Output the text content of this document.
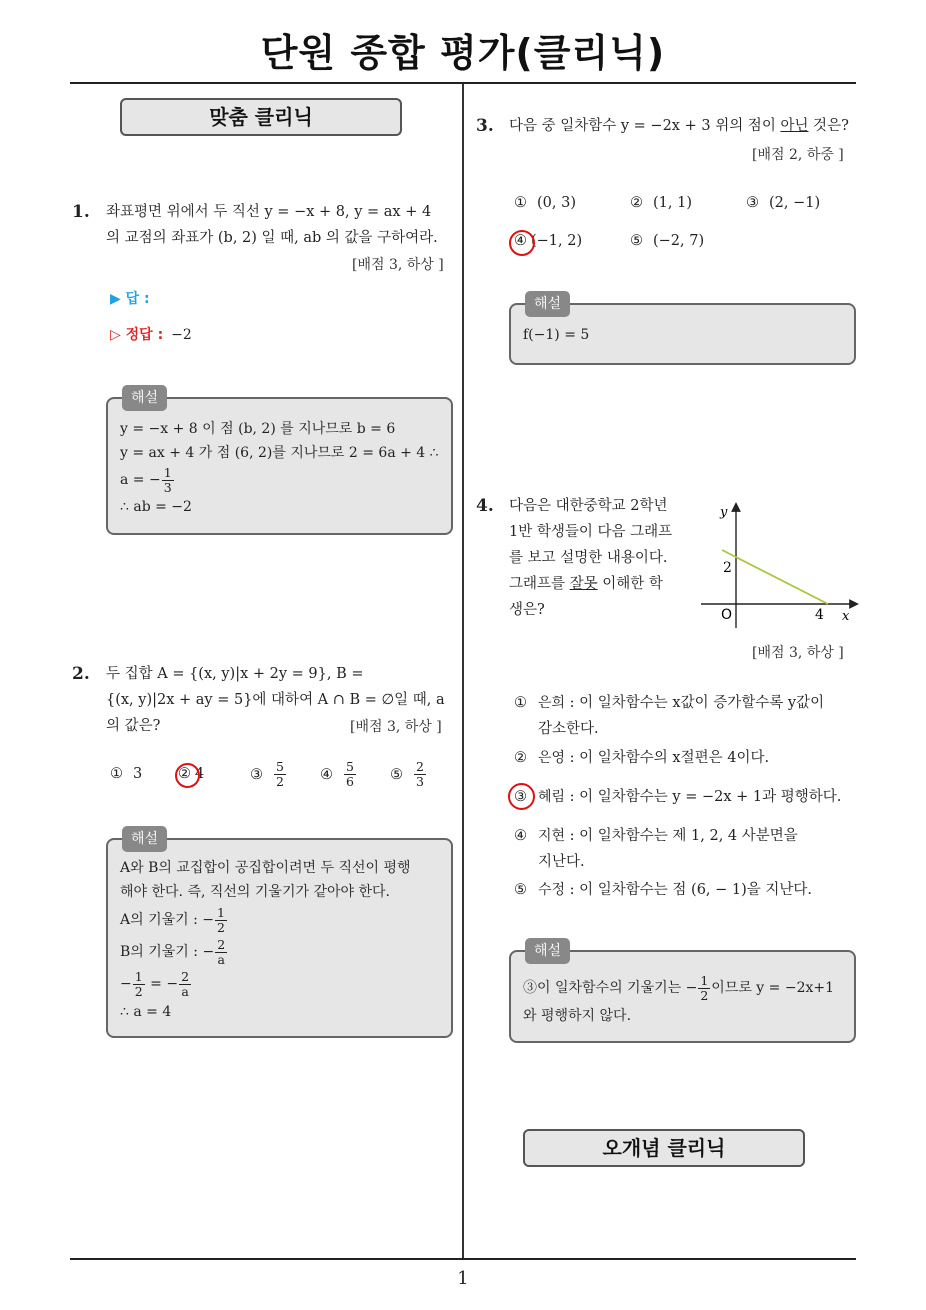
단원 종합 평가(클리닉)
맞춤 클리닉
1. 좌표평면 위에서 두 직선 y = −x + 8, y = ax + 4
의 교점의 좌표가 (b, 2) 일 때, ab 의 값을 구하여라.
[배점 3, 하상 ]
▶ 답 :
▷ 정답 : −2
해설
y = −x + 8 이 점 (b, 2) 를 지나므로 b = 6
y = ax + 4 가 점 (6, 2)를 지나므로 2 = 6a + 4 ∴
a = − $\frac{1}{3}$
∴ ab = −2
2. 두 집합 A = {(x, y)|x + 2y = 9}, B =
{(x, y)|2x + ay = 5}에 대하여 A ∩ B = ∅일 때, a
의 값은?	[배점 3, 하상 ]
① 3 ② 4	③ $\frac{5}{2}$ ④ $\frac{5}{6}$ ⑤ $\frac{2}{3}$
해설
A와 B의 교집합이 공집합이려면 두 직선이 평행
해야 한다. 즉, 직선의 기울기가 같아야 한다.
A의 기울기 : − $\frac{1}{2}$
B의 기울기 : − $\frac{2}{a}$
− $\frac{1}{2}$ = − $\frac{2}{a}$
∴ a = 4
3. 다음 중 일차함수 y = −2x + 3 위의 점이 아닌 것은?
[배점 2, 하중 ]
① (0, 3)	② (1, 1)	③ (2, −1)
④ (−1, 2)	⑤ (−2, 7)
해설
f(−1) = 5
4. 다음은 대한중학교 2학년
1반 학생들이 다음 그래프
를 보고 설명한 내용이다.
그래프를 잘못 이해한 학
생은?
y
x
O
2
4
[배점 3, 하상 ]
① 은희 : 이 일차함수는 x값이 증가할수록 y값이
감소한다.
② 은영 : 이 일차함수의 x절편은 4이다.
③ 혜림 : 이 일차함수는 y = −2x + 1과 평행하다.
④ 지현 : 이 일차함수는 제 1, 2, 4 사분면을
지난다.
⑤ 수정 : 이 일차함수는 점 (6, − 1)을 지난다.
해설
③이 일차함수의 기울기는 − $\frac{1}{2}$ 이므로 y = −2x+1
와 평행하지 않다.
오개념 클리닉
1
